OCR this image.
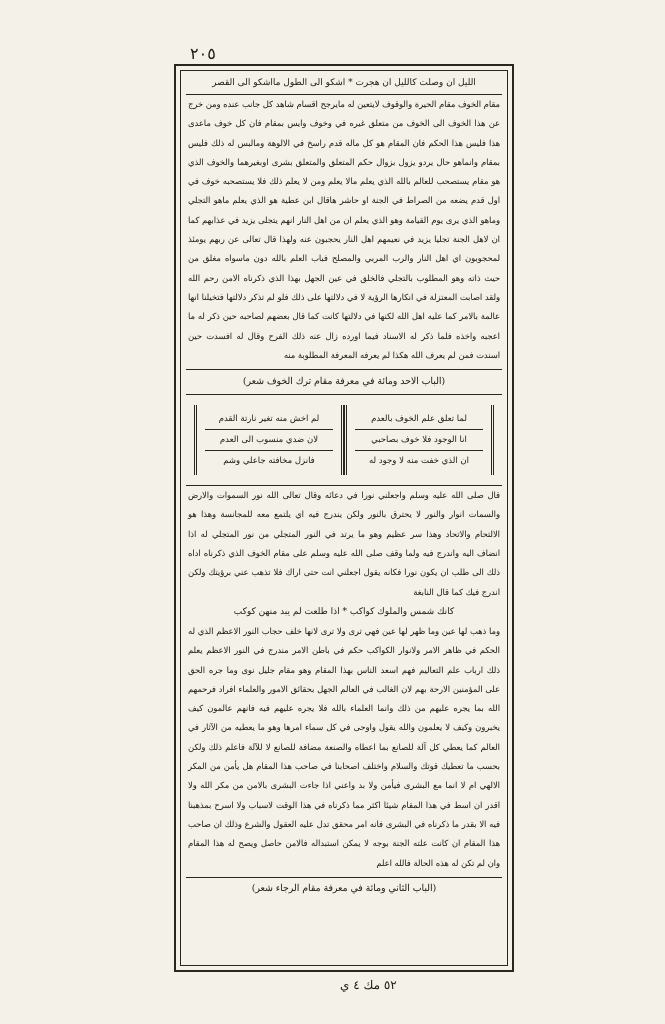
٢٠٥
الليل ان وصلت كالليل ان هجرت * اشكو الى الطول مااشكو الى القصر

مقام الخوف مقام الحيرة والوقوف لايتعين له مايرجح اقسام شاهد كل جانب عنده ومن خرج عن هذا الخوف الى الخوف من متعلق غيره في وخوف وايس بمقام فان كل خوف ماعدى هذا فليس هذا الحكم فان المقام هو كل ماله قدم راسخ في الالوهة ومالبس له ذلك فليس بمقام وانماهو حال يردو يزول بزوال حكم المتعلق والمتعلق بشرى اوبغيرهما والخوف الذي هو مقام يستصحب للعالم بالله الذي يعلم مالا يعلم ومن لا يعلم ذلك فلا يستصحبه خوف في اول قدم يضعه من الصراط في الجنة او حاشر هاقال ابن عطية هو الذي يعلم ماهو التجلي وماهو الذي يرى يوم القيامة وهو الذي يعلم ان من اهل النار انهم يتجلى يزيد في عذابهم كما ان لاهل الجنة تجليا يزيد في نعيمهم اهل النار يحجبون عنه ولهذا قال تعالى عن ربهم يومئذ لمحجوبون اي اهل النار والرب المربي والمصلح فباب العلم بالله دون ماسواه مغلق من حيث ذاته وهو المطلوب بالتجلي فالخلق في عين الجهل بهذا الذي ذكرناه الامن رحم الله ولقد اصابت المعتزلة في انكارها الرؤية لا في دلالتها على ذلك فلو لم تذكر دلالتها فتخيلنا انها عالمة بالامر كما عليه اهل الله لكنها في دلالتها كانت كما قال بعضهم لصاحبه حين ذكر له ما اعجبه واخذه فلما ذكر له الاسناد فيما اورده زال عنه ذلك الفرح وقال له افسدت حين اسندت فمن لم يعرف الله هكذا لم يعرفه المعرفة المطلوبة منه

(الباب الاحد ومائة في معرفة مقام ترك الخوف شعر)
لما تعلق علم الخوف بالعدم
انا الوجود فلا خوف بصاحبي
ان الذي خفت منه لا وجود له
لم اخش منه تغير نارتة القدم
لان ضدي منسوب الى العدم
فانزل مخافته جاعلي وشم

قال صلى الله عليه وسلم واجعلني نورا في دعائه وقال تعالى الله نور السموات والارض والسمات انوار والنور لا يحترق بالنور ولكن يندرج فيه اي يلتمع معه للمجانسة وهذا هو الالتحام والاتحاد وهذا سر عظيم وهو ما يرتد في النور المتجلي من نور المتجلي له اذا انضاف اليه واندرج فيه ولما وقف صلى الله عليه وسلم على مقام الخوف الذي ذكرناه اداه ذلك الى طلب ان يكون نورا فكانه يقول اجعلني انت حتى اراك فلا تذهب عني برؤيتك ولكن اندرج فيك كما قال النابغة

كانك شمس والملوك كواكب * اذا طلعت لم يبد منهن كوكب

وما ذهب لها عين وما ظهر لها عين فهي ترى ولا ترى لانها خلف حجاب النور الاعظم الذي له الحكم في ظاهر الامر ولانوار الكواكب حكم في باطن الامر مندرج في النور الاعظم يعلم ذلك ارباب علم التعاليم فهم اسعد الناس بهذا المقام وهو مقام جليل نوى وما جره الحق على المؤمنين الارحة بهم لان الغالب في العالم الجهل بحقائق الامور والعلماء افراد فرحمهم الله بما يجره عليهم من ذلك وانما العلماء بالله فلا يجره عليهم فيه فانهم عالمون كيف يخبرون وكيف لا يعلمون والله يقول واوحى في كل سماء امرها وهو ما يعطيه من الآثار في العالم كما يعطي كل آلة للصانع بما اعطاه والصنعة مضافة للصانع لا للآلة فاعلم ذلك ولكن بحسب ما تعطيك قوتك والسلام واختلف اصحابنا في صاحب هذا المقام هل يأمن من المكر الالهي ام لا انما مع البشرى فيأمن ولا بد واعني اذا جاءت البشرى بالامن من مكر الله ولا اقدر ان اسط في هذا المقام شيئا اكثر مما ذكرناه في هذا الوقت لاسباب ولا اسرح بمذهبنا فيه الا بقدر ما ذكرناه في البشرى فانه امر محقق تدل عليه العقول والشرع وذلك ان صاحب هذا المقام ان كانت علته الجنة بوجه لا يمكن استبداله فالامن حاصل ويصح له هذا المقام وان لم تكن له هذه الحالة فالله اعلم

(الباب الثاني ومائة في معرفة مقام الرجاء شعر)
٥٢ مك ٤ ي
